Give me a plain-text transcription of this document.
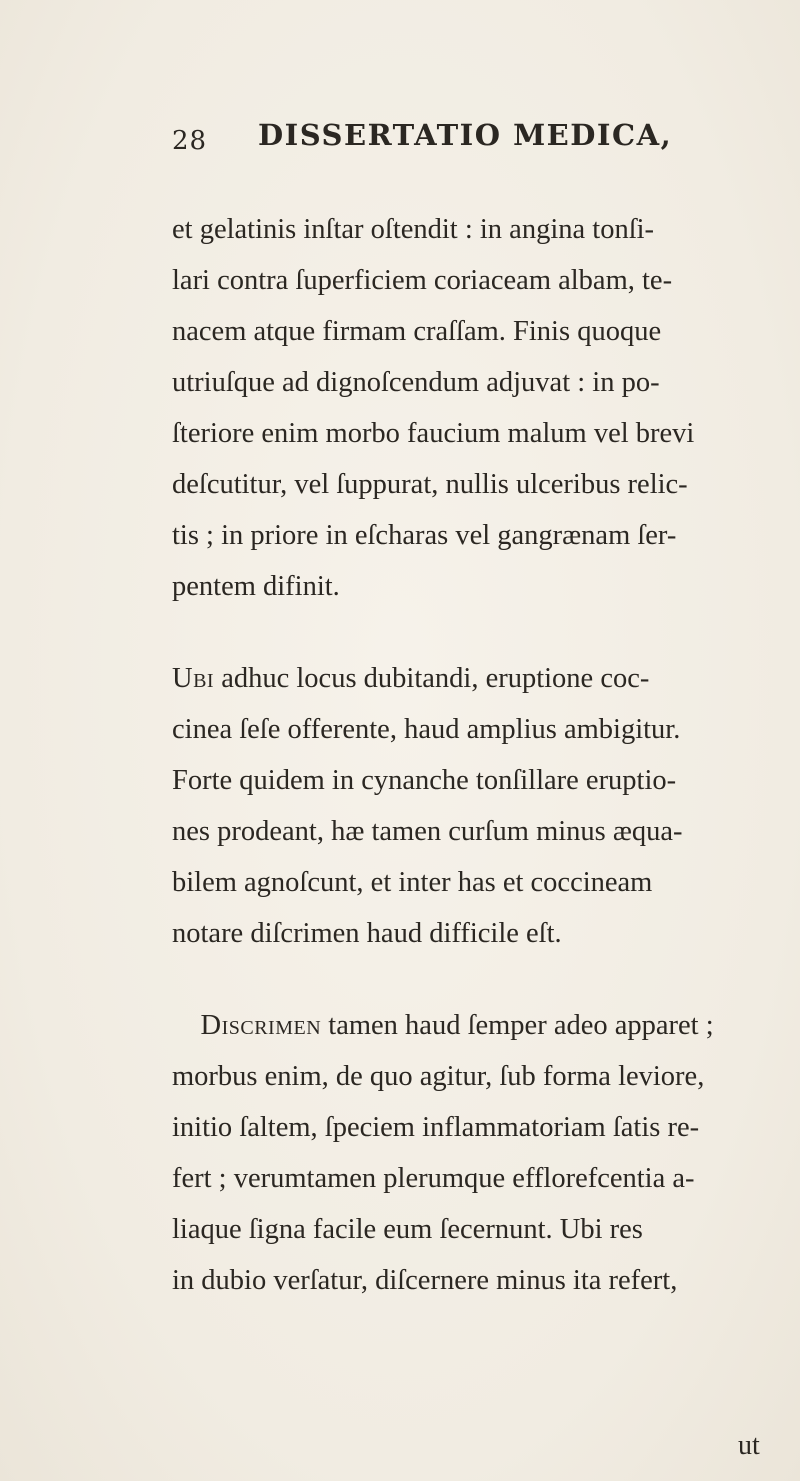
28 DISSERTATIO MEDICA,
et gelatinis inſtar oſtendit : in angina tonſi-
lari contra ſuperficiem coriaceam albam, te-
nacem atque firmam craſſam. Finis quoque
utriuſque ad dignoſcendum adjuvat : in po-
ſteriore enim morbo faucium malum vel brevi
deſcutitur, vel ſuppurat, nullis ulceribus relic-
tis ; in priore in eſcharas vel gangrænam ſer-
pentem difinit.
Ubi adhuc locus dubitandi, eruptione coc-
cinea ſeſe offerente, haud amplius ambigitur.
Forte quidem in cynanche tonſillare eruptio-
nes prodeant, hæ tamen curſum minus æqua-
bilem agnoſcunt, et inter has et coccineam
notare diſcrimen haud difficile eſt.
 Discrimen tamen haud ſemper adeo apparet ;
morbus enim, de quo agitur, ſub forma leviore,
initio ſaltem, ſpeciem inflammatoriam ſatis re-
fert ; verumtamen plerumque efflorefcentia a-
liaque ſigna facile eum ſecernunt. Ubi res
in dubio verſatur, diſcernere minus ita refert,
ut
